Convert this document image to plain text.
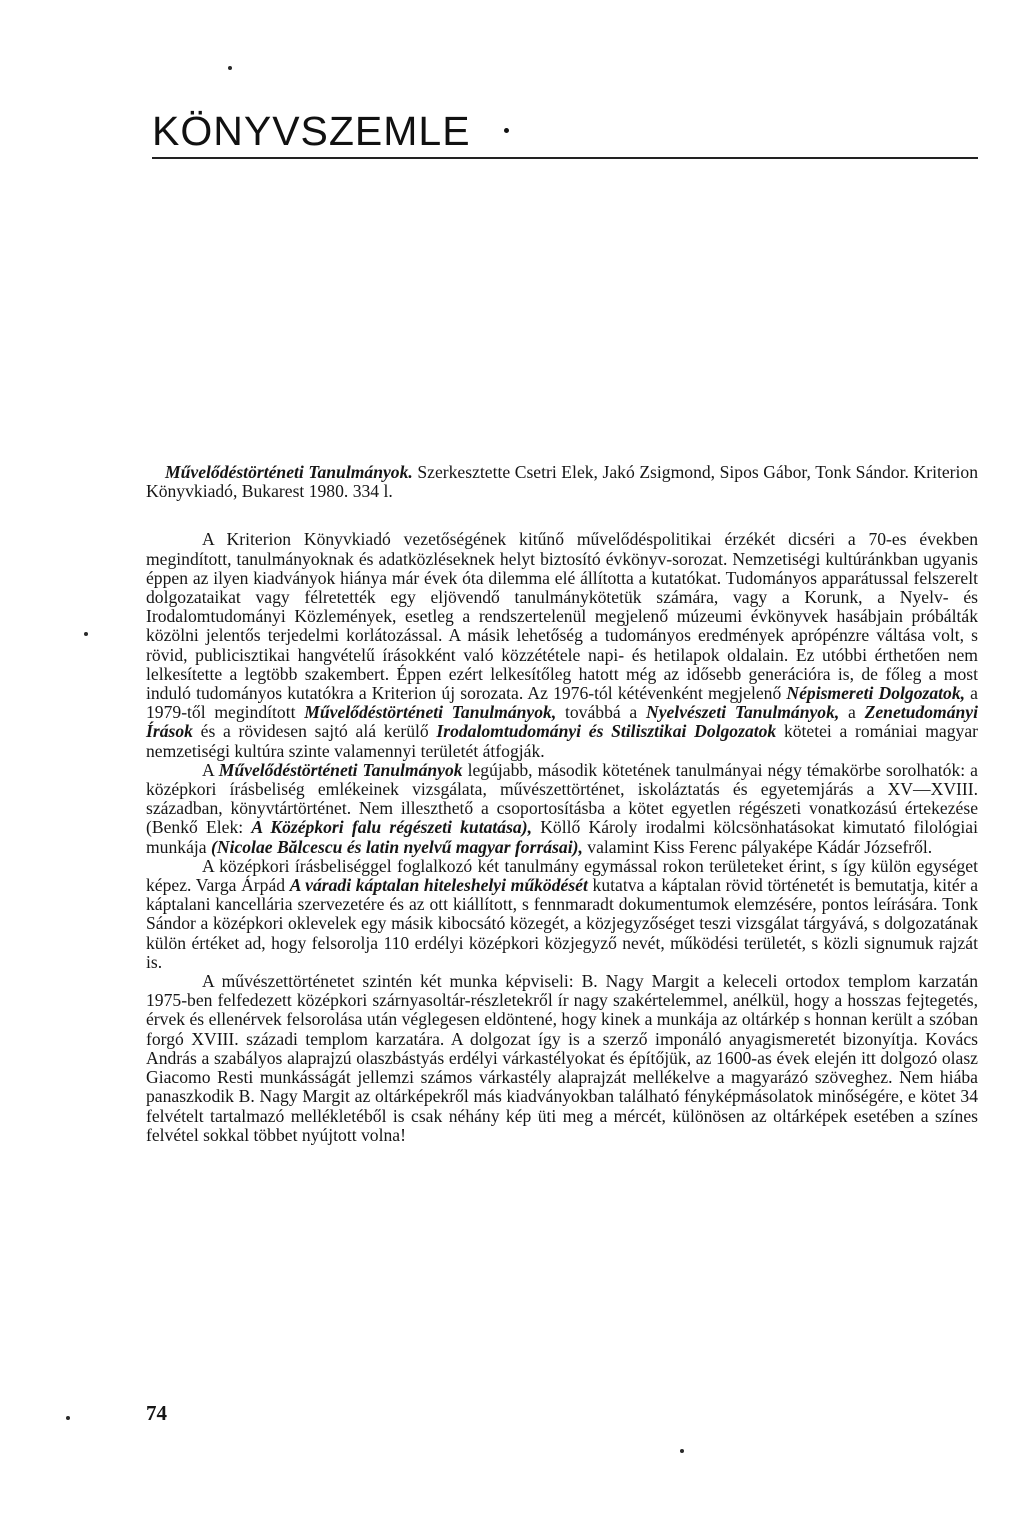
KÖNYVSZEMLE

Művelődéstörténeti Tanulmányok. Szerkesztette Csetri Elek, Jakó Zsigmond, Sipos Gábor, Tonk Sándor. Kriterion Könyvkiadó, Bukarest 1980. 334 l.

A Kriterion Könyvkiadó vezetőségének kitűnő művelődéspolitikai érzékét dicséri a 70-es években megindított, tanulmányoknak és adatközléseknek helyt biztosító évkönyv-sorozat. Nemzetiségi kultúránkban ugyanis éppen az ilyen kiadványok hiánya már évek óta dilemma elé állította a kutatókat. Tudományos apparátussal felszerelt dolgozataikat vagy félretették egy eljövendő tanulmánykötetük számára, vagy a Korunk, a Nyelv- és Irodalomtudományi Közlemények, esetleg a rendszertelenül megjelenő múzeumi évkönyvek hasábjain próbálták közölni jelentős terjedelmi korlátozással. A másik lehetőség a tudományos eredmények aprópénzre váltása volt, s rövid, publicisztikai hangvételű írásokként való közzététele napi- és hetilapok oldalain. Ez utóbbi érthetően nem lelkesítette a legtöbb szakembert. Éppen ezért lelkesítőleg hatott még az idősebb generációra is, de főleg a most induló tudományos kutatókra a Kriterion új sorozata. Az 1976-tól kétévenként megjelenő Népismereti Dolgozatok, a 1979-től megindított Művelődéstörténeti Tanulmányok, továbbá a Nyelvészeti Tanulmányok, a Zenetudományi Írások és a rövidesen sajtó alá kerülő Irodalomtudományi és Stilisztikai Dolgozatok kötetei a romániai magyar nemzetiségi kultúra szinte valamennyi területét átfogják.

A Művelődéstörténeti Tanulmányok legújabb, második kötetének tanulmányai négy témakörbe sorolhatók: a középkori írásbeliség emlékeinek vizsgálata, művészettörténet, iskoláztatás és egyetemjárás a XV—XVIII. században, könyvtártörténet. Nem illeszthető a csoportosításba a kötet egyetlen régészeti vonatkozású értekezése (Benkő Elek: A Középkori falu régészeti kutatása), Köllő Károly irodalmi kölcsönhatásokat kimutató filológiai munkája (Nicolae Bălcescu és latin nyelvű magyar forrásai), valamint Kiss Ferenc pályaképe Kádár Józsefről.

A középkori írásbeliséggel foglalkozó két tanulmány egymással rokon területeket érint, s így külön egységet képez. Varga Árpád A váradi káptalan hiteleshelyi működését kutatva a káptalan rövid történetét is bemutatja, kitér a káptalani kancellária szervezetére és az ott kiállított, s fennmaradt dokumentumok elemzésére, pontos leírására. Tonk Sándor a középkori oklevelek egy másik kibocsátó közegét, a közjegyzőséget teszi vizsgálat tárgyává, s dolgozatának külön értéket ad, hogy felsorolja 110 erdélyi középkori közjegyző nevét, működési területét, s közli signumuk rajzát is.

A művészettörténetet szintén két munka képviseli: B. Nagy Margit a keleceli ortodox templom karzatán 1975-ben felfedezett középkori szárnyasoltár-részletekről ír nagy szakértelemmel, anélkül, hogy a hosszas fejtegetés, érvek és ellenérvek felsorolása után véglegesen eldöntené, hogy kinek a munkája az oltárkép s honnan került a szóban forgó XVIII. századi templom karzatára. A dolgozat így is a szerző imponáló anyagismeretét bizonyítja. Kovács András a szabályos alaprajzú olaszbástyás erdélyi várkastélyokat és építőjük, az 1600-as évek elején itt dolgozó olasz Giacomo Resti munkásságát jellemzi számos várkastély alaprajzát mellékelve a magyarázó szöveghez. Nem hiába panaszkodik B. Nagy Margit az oltárképekről más kiadványokban található fényképmásolatok minőségére, e kötet 34 felvételt tartalmazó mellékletéből is csak néhány kép üti meg a mércét, különösen az oltárképek esetében a színes felvétel sokkal többet nyújtott volna!

74
